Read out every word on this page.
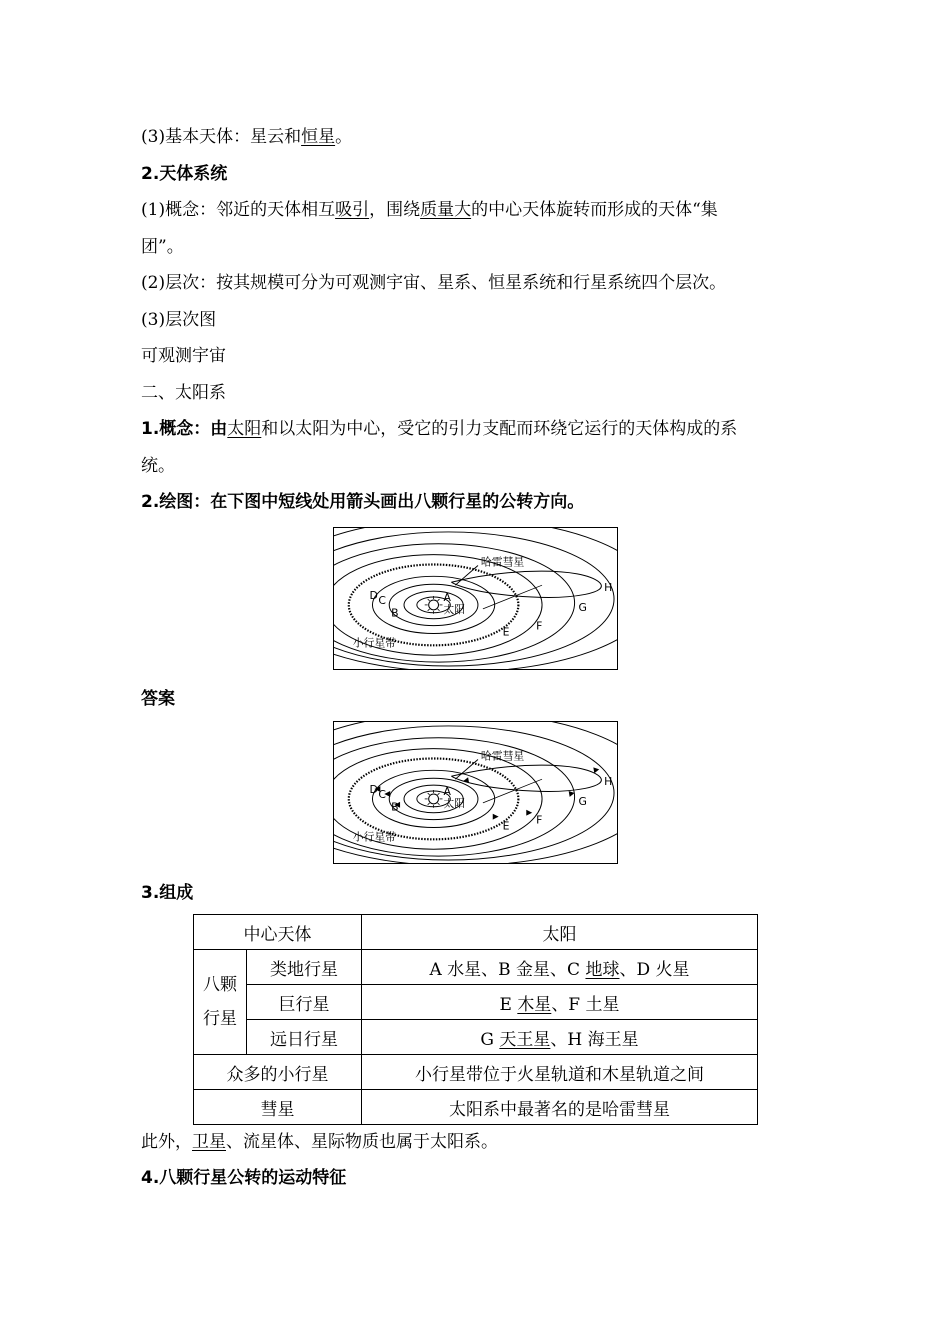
(3)基本天体：星云和恒星。
2.天体系统
(1)概念：邻近的天体相互吸引，围绕质量大的中心天体旋转而形成的天体“集
团”。
(2)层次：按其规模可分为可观测宇宙、星系、恒星系统和行星系统四个层次。
(3)层次图
可观测宇宙
二、太阳系
1.概念：由太阳和以太阳为中心，受它的引力支配而环绕它运行的天体构成的系
统。
2.绘图：在下图中短线处用箭头画出八颗行星的公转方向。
哈雷彗星
太阳
小行星带
A
B
C
D
E F
G
H
答案
哈雷彗星
太阳
小行星带
A
B
C
D
E F
G
H
3.组成
中心天体		太阳

八颗行星	类地行星	A 水星、B 金星、C 地球、D 火星
	巨行星	E 木星、F 土星
	远日行星	G 天王星、H 海王星
众多的小行星		小行星带位于火星轨道和木星轨道之间
彗星		太阳系中最著名的是哈雷彗星
此外，卫星、流星体、星际物质也属于太阳系。
4.八颗行星公转的运动特征
